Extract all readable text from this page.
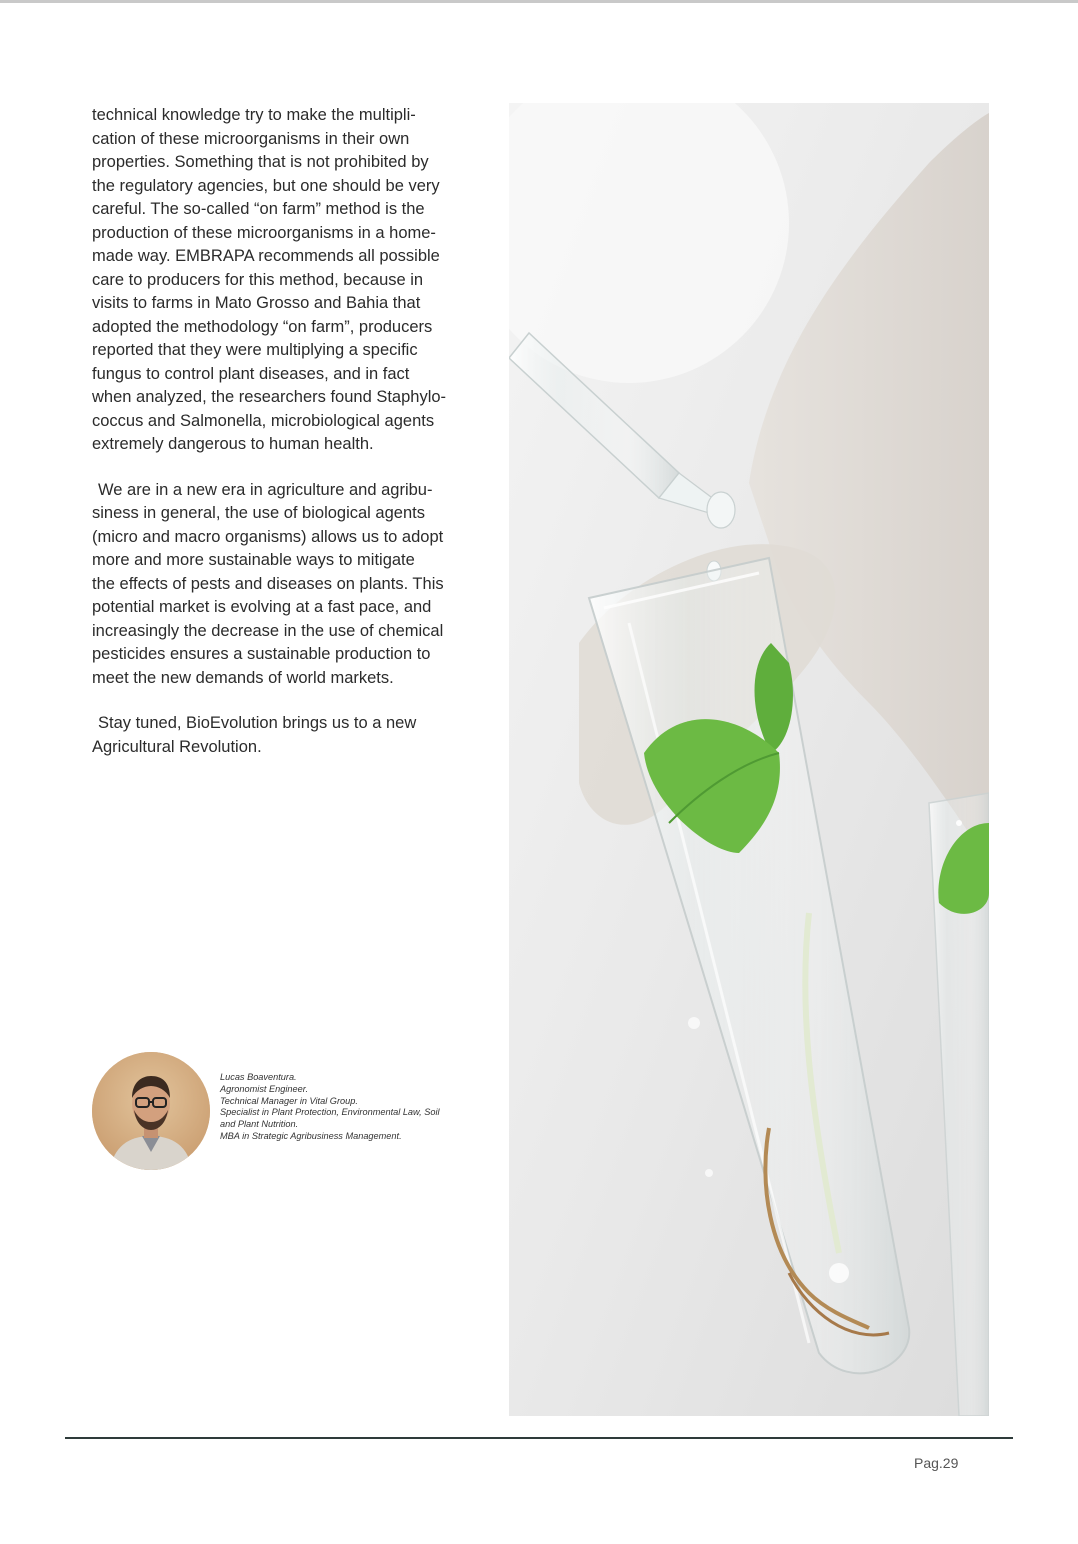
technical knowledge try to make the multipli-

cation of these microorganisms in their own

properties. Something that is not prohibited by

the regulatory agencies, but one should be very

careful. The so-called “on farm” method is the

production of these microorganisms in a home-

made way. EMBRAPA recommends all possible

care to producers for this method, because in

visits to farms in Mato Grosso and Bahia that

adopted the methodology “on farm”, producers

reported that they were multiplying a specific

fungus to control plant diseases, and in fact

when analyzed, the researchers found Staphylo-

coccus and Salmonella, microbiological agents

extremely dangerous to human health.

We are in a new era in agriculture and agribu-

siness in general, the use of biological agents

(micro and macro organisms) allows us to adopt

more and more sustainable ways to mitigate

the effects of pests and diseases on plants. This

potential market is evolving at a fast pace, and

increasingly the decrease in the use of chemical

pesticides ensures a sustainable production to

meet the new demands of world markets.

Stay tuned, BioEvolution brings us to a new

Agricultural Revolution.

Lucas Boaventura.
Agronomist Engineer.
Technical Manager in Vital Group.
Specialist in Plant Protection, Environmental Law, Soil
and Plant Nutrition.
MBA in Strategic Agribusiness Management.
Pag.29
